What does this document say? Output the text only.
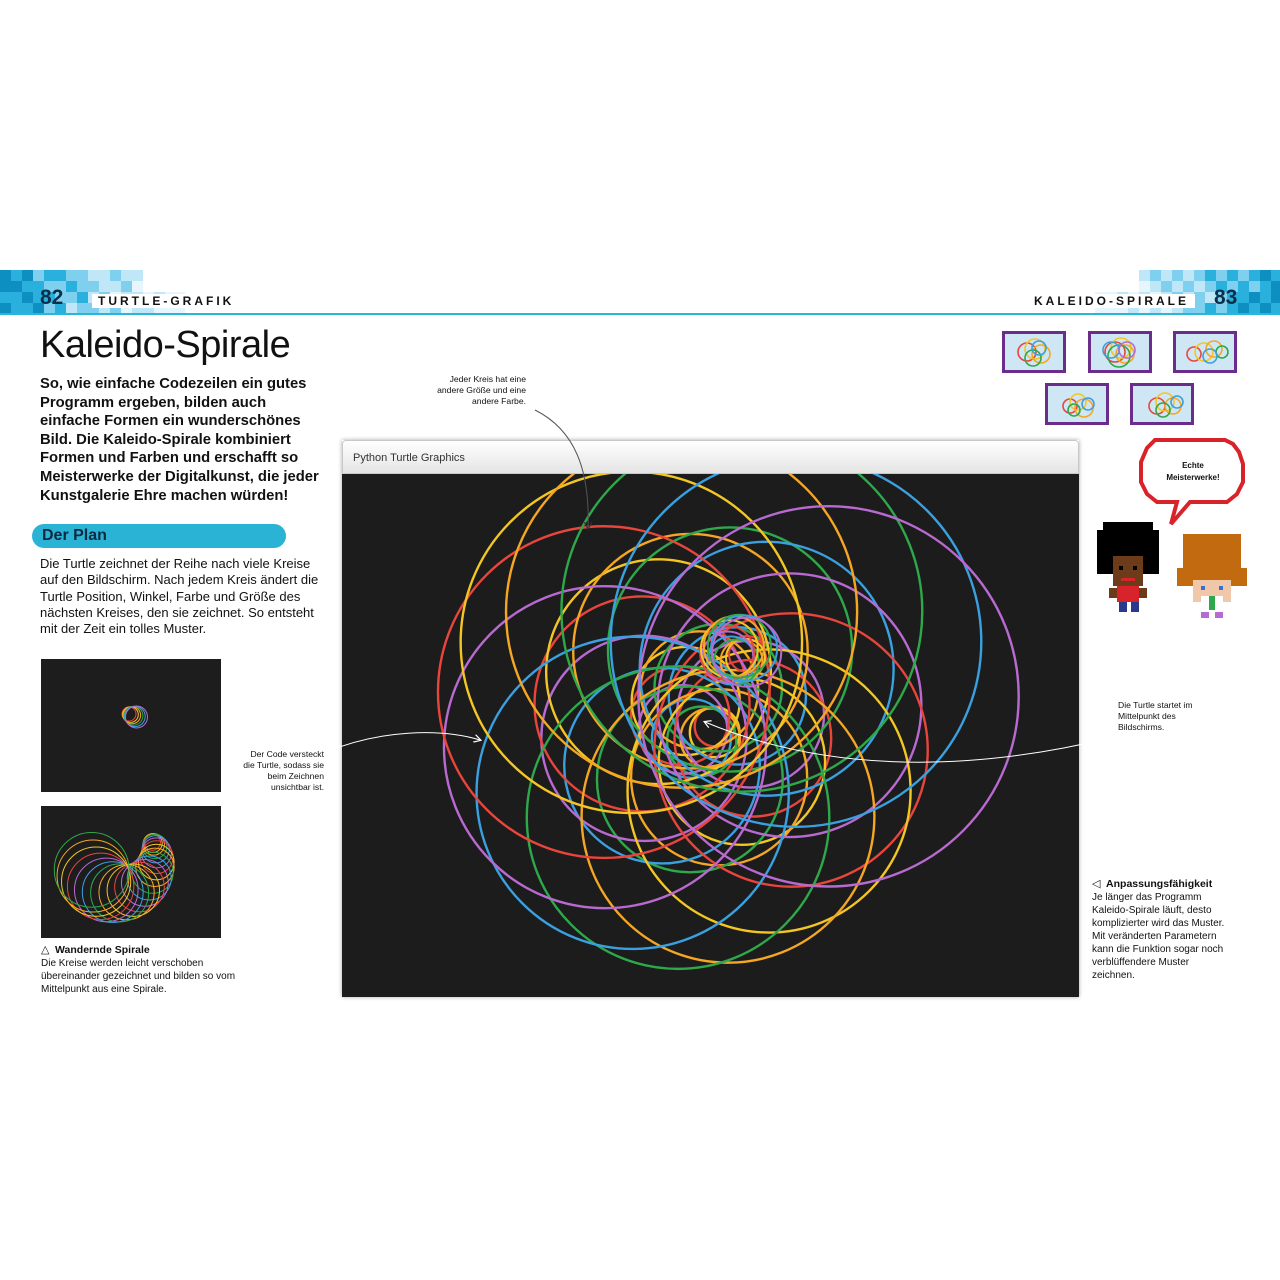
82	TURTLE-GRAFIK	KALEIDO-SPIRALE 83
Kaleido-Spirale

So, wie einfache Codezeilen ein gutes Programm ergeben, bilden auch einfache Formen ein wunderschönes Bild. Die Kaleido-Spirale kombiniert Formen und Farben und erschafft so Meisterwerke der Digitalkunst, die jeder Kunstgalerie Ehre machen würden!

Der Plan

Die Turtle zeichnet der Reihe nach viele Kreise auf den Bildschirm. Nach jedem Kreis ändert die Turtle Position, Winkel, Farbe und Größe des nächsten Kreises, den sie zeichnet. So entsteht mit der Zeit ein tolles Muster.

△ Wandernde Spirale
Die Kreise werden leicht verschoben übereinander gezeichnet und bilden so vom Mittelpunkt aus eine Spirale.
Python Turtle Graphics

Jeder Kreis hat eine andere Größe und eine andere Farbe.

Der Code versteckt die Turtle, sodass sie beim Zeichnen unsichtbar ist.

Die Turtle startet im Mittelpunkt des Bildschirms.

Echte Meisterwerke!
◁ Anpassungsfähigkeit
Je länger das Programm Kaleido-Spirale läuft, desto komplizierter wird das Muster. Mit veränderten Parametern kann die Funktion sogar noch verblüffendere Muster zeichnen.
